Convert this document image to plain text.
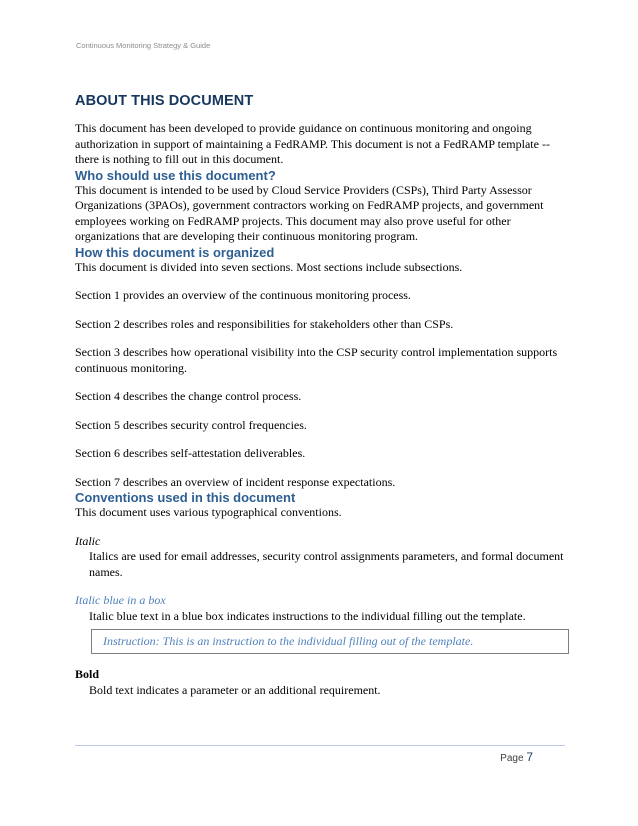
Continuous Monitoring Strategy & Guide
ABOUT THIS DOCUMENT

This document has been developed to provide guidance on continuous monitoring and ongoing authorization in support of maintaining a FedRAMP. This document is not a FedRAMP template -- there is nothing to fill out in this document.

Who should use this document?

This document is intended to be used by Cloud Service Providers (CSPs), Third Party Assessor Organizations (3PAOs), government contractors working on FedRAMP projects, and government employees working on FedRAMP projects. This document may also prove useful for other organizations that are developing their continuous monitoring program.

How this document is organized

This document is divided into seven sections. Most sections include subsections.

Section 1 provides an overview of the continuous monitoring process.

Section 2 describes roles and responsibilities for stakeholders other than CSPs.

Section 3 describes how operational visibility into the CSP security control implementation supports continuous monitoring.

Section 4 describes the change control process.

Section 5 describes security control frequencies.

Section 6 describes self-attestation deliverables.

Section 7 describes an overview of incident response expectations.

Conventions used in this document

This document uses various typographical conventions.

Italic

Italics are used for email addresses, security control assignments parameters, and formal document names.

Italic blue in a box

Italic blue text in a blue box indicates instructions to the individual filling out the template.

Instruction: This is an instruction to the individual filling out of the template.

Bold

Bold text indicates a parameter or an additional requirement.

Page 7
